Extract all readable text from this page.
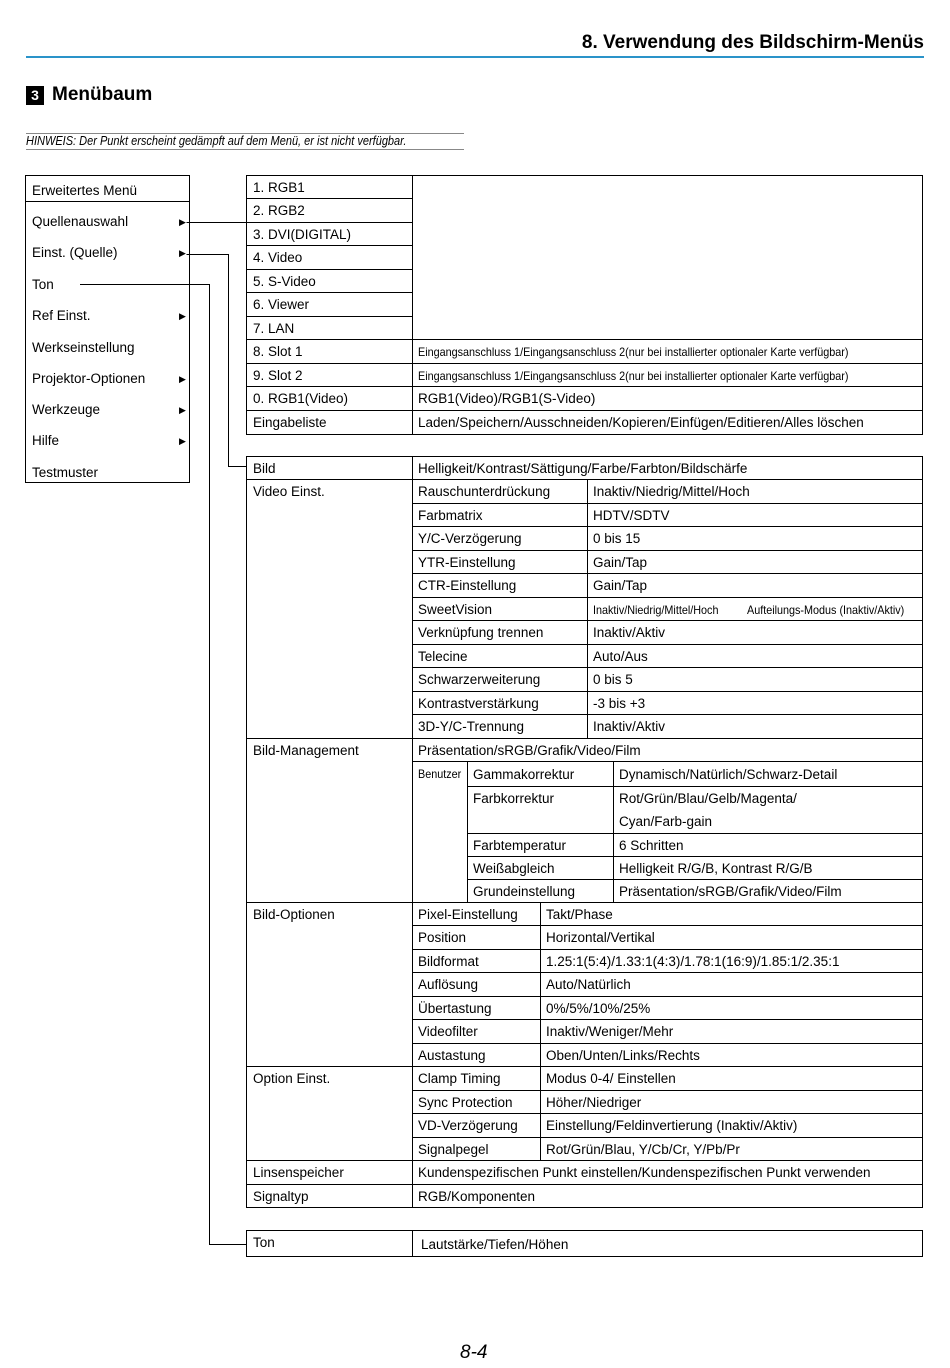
8. Verwendung des Bildschirm-Menüs
3 Menübaum
HINWEIS: Der Punkt erscheint gedämpft auf dem Menü, er ist nicht verfügbar.
Erweitertes Menü
Quellenauswahl	▶
Einst. (Quelle)	▶
Ton
Ref Einst.	▶
Werkseinstellung
Projektor-Optionen	▶
Werkzeuge	▶
Hilfe	▶
Testmuster
1. RGB1
2. RGB2
3. DVI(DIGITAL)
4. Video
5. S-Video
6. Viewer
7. LAN
8. Slot 1	Eingangsanschluss 1/Eingangsanschluss 2(nur bei installierter optionaler Karte verfügbar)
9. Slot 2	Eingangsanschluss 1/Eingangsanschluss 2(nur bei installierter optionaler Karte verfügbar)
0. RGB1(Video)	RGB1(Video)/RGB1(S-Video)
Eingabeliste	Laden/Speichern/Ausschneiden/Kopieren/Einfügen/Editieren/Alles löschen
Bild	Helligkeit/Kontrast/Sättigung/Farbe/Farbton/Bildschärfe
Video Einst.	Rauschunterdrückung	Inaktiv/Niedrig/Mittel/Hoch
Farbmatrix	HDTV/SDTV
Y/C-Verzögerung	0 bis 15
YTR-Einstellung	Gain/Tap
CTR-Einstellung	Gain/Tap
SweetVision	Inaktiv/Niedrig/Mittel/Hoch	Aufteilungs-Modus (Inaktiv/Aktiv)
Verknüpfung trennen	Inaktiv/Aktiv
Telecine	Auto/Aus
Schwarzerweiterung	0 bis 5
Kontrastverstärkung	-3 bis +3
3D-Y/C-Trennung	Inaktiv/Aktiv
Bild-Management	Präsentation/sRGB/Grafik/Video/Film
Benutzer Gammakorrektur	Dynamisch/Natürlich/Schwarz-Detail
Farbkorrektur	Rot/Grün/Blau/Gelb/Magenta/
Cyan/Farb-gain
Farbtemperatur	6 Schritten
Weißabgleich	Helligkeit R/G/B, Kontrast R/G/B
Grundeinstellung	Präsentation/sRGB/Grafik/Video/Film
Bild-Optionen	Pixel-Einstellung	Takt/Phase
Position	Horizontal/Vertikal
Bildformat	1.25:1(5:4)/1.33:1(4:3)/1.78:1(16:9)/1.85:1/2.35:1
Auflösung	Auto/Natürlich
Übertastung	0%/5%/10%/25%
Videofilter	Inaktiv/Weniger/Mehr
Austastung	Oben/Unten/Links/Rechts
Option Einst.	Clamp Timing	Modus 0-4/ Einstellen
Sync Protection	Höher/Niedriger
VD-Verzögerung	Einstellung/Feldinvertierung (Inaktiv/Aktiv)
Signalpegel	Rot/Grün/Blau, Y/Cb/Cr, Y/Pb/Pr
Linsenspeicher	Kundenspezifischen Punkt einstellen/Kundenspezifischen Punkt verwenden
Signaltyp	RGB/Komponenten
Ton	Lautstärke/Tiefen/Höhen
8-4
